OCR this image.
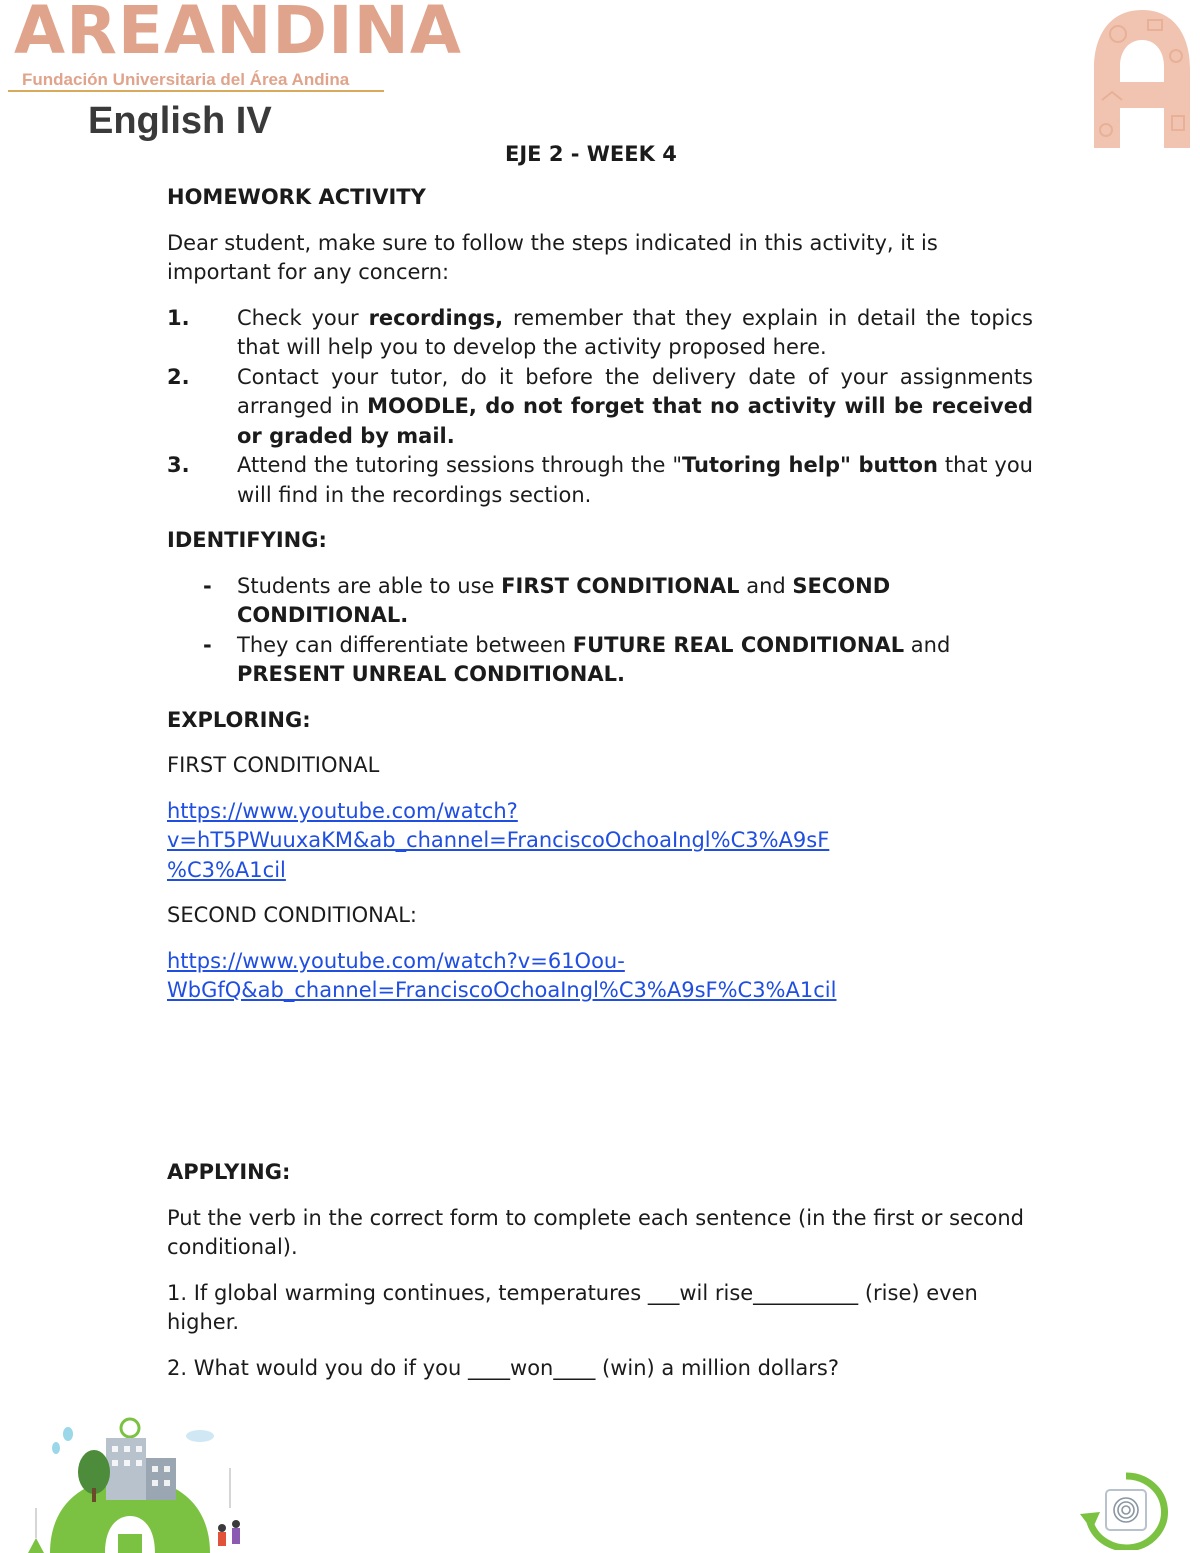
AREANDINA
Fundación Universitaria del Área Andina
English IV
EJE 2 - WEEK 4

HOMEWORK ACTIVITY

Dear student, make sure to follow the steps indicated in this activity, it is important for any concern:

1. Check your recordings, remember that they explain in detail the topics that will help you to develop the activity proposed here.
2. Contact your tutor, do it before the delivery date of your assignments arranged in MOODLE, do not forget that no activity will be received or graded by mail.
3. Attend the tutoring sessions through the "Tutoring help" button that you will find in the recordings section.

IDENTIFYING:

- Students are able to use FIRST CONDITIONAL and SECOND CONDITIONAL.
- They can differentiate between FUTURE REAL CONDITIONAL and PRESENT UNREAL CONDITIONAL.

EXPLORING:

FIRST CONDITIONAL

https://www.youtube.com/watch?
v=hT5PWuuxaKM&ab_channel=FranciscoOchoaIngl%C3%A9sF
%C3%A1cil

SECOND CONDITIONAL:

https://www.youtube.com/watch?v=61Oou-
WbGfQ&ab_channel=FranciscoOchoaIngl%C3%A9sF%C3%A1cil

APPLYING:

Put the verb in the correct form to complete each sentence (in the first or second conditional).

1. If global warming continues, temperatures ___wil rise__________ (rise) even higher.

2. What would you do if you ____won____ (win) a million dollars?
